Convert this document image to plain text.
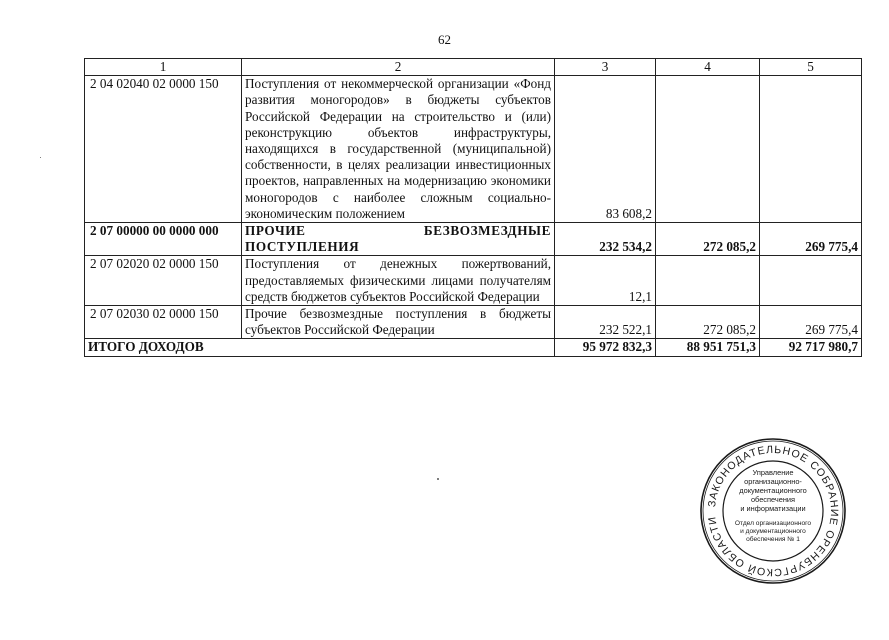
62
1	2	3	4	5
2 04 02040 02 0000 150	Поступления от некоммерческой организации «Фонд развития моногородов» в бюджеты субъектов Российской Федерации на строительство и (или) реконструкцию объектов инфраструктуры, находящихся в государственной (муниципальной) собственности, в целях реализации инвестиционных проектов, направленных на модернизацию экономики моногородов с наиболее сложным социально-экономическим положением	83 608,2		
2 07 00000 00 0000 000	ПРОЧИЕ БЕЗВОЗМЕЗДНЫЕ ПОСТУПЛЕНИЯ	232 534,2	272 085,2	269 775,4
2 07 02020 02 0000 150	Поступления от денежных пожертвований, предоставляемых физическими лицами получателям средств бюджетов субъектов Российской Федерации	12,1		
2 07 02030 02 0000 150	Прочие безвозмездные поступления в бюджеты субъектов Российской Федерации	232 522,1	272 085,2	269 775,4
ИТОГО ДОХОДОВ		95 972 832,3	88 951 751,3	92 717 980,7
ЗАКОНОДАТЕЛЬНОЕ СОБРАНИЕ ОРЕНБУРГСКОЙ ОБЛАСТИ
Управление
организационно-
документационного
обеспечения
и информатизации
Отдел организационного
и документационного
обеспечения № 1
